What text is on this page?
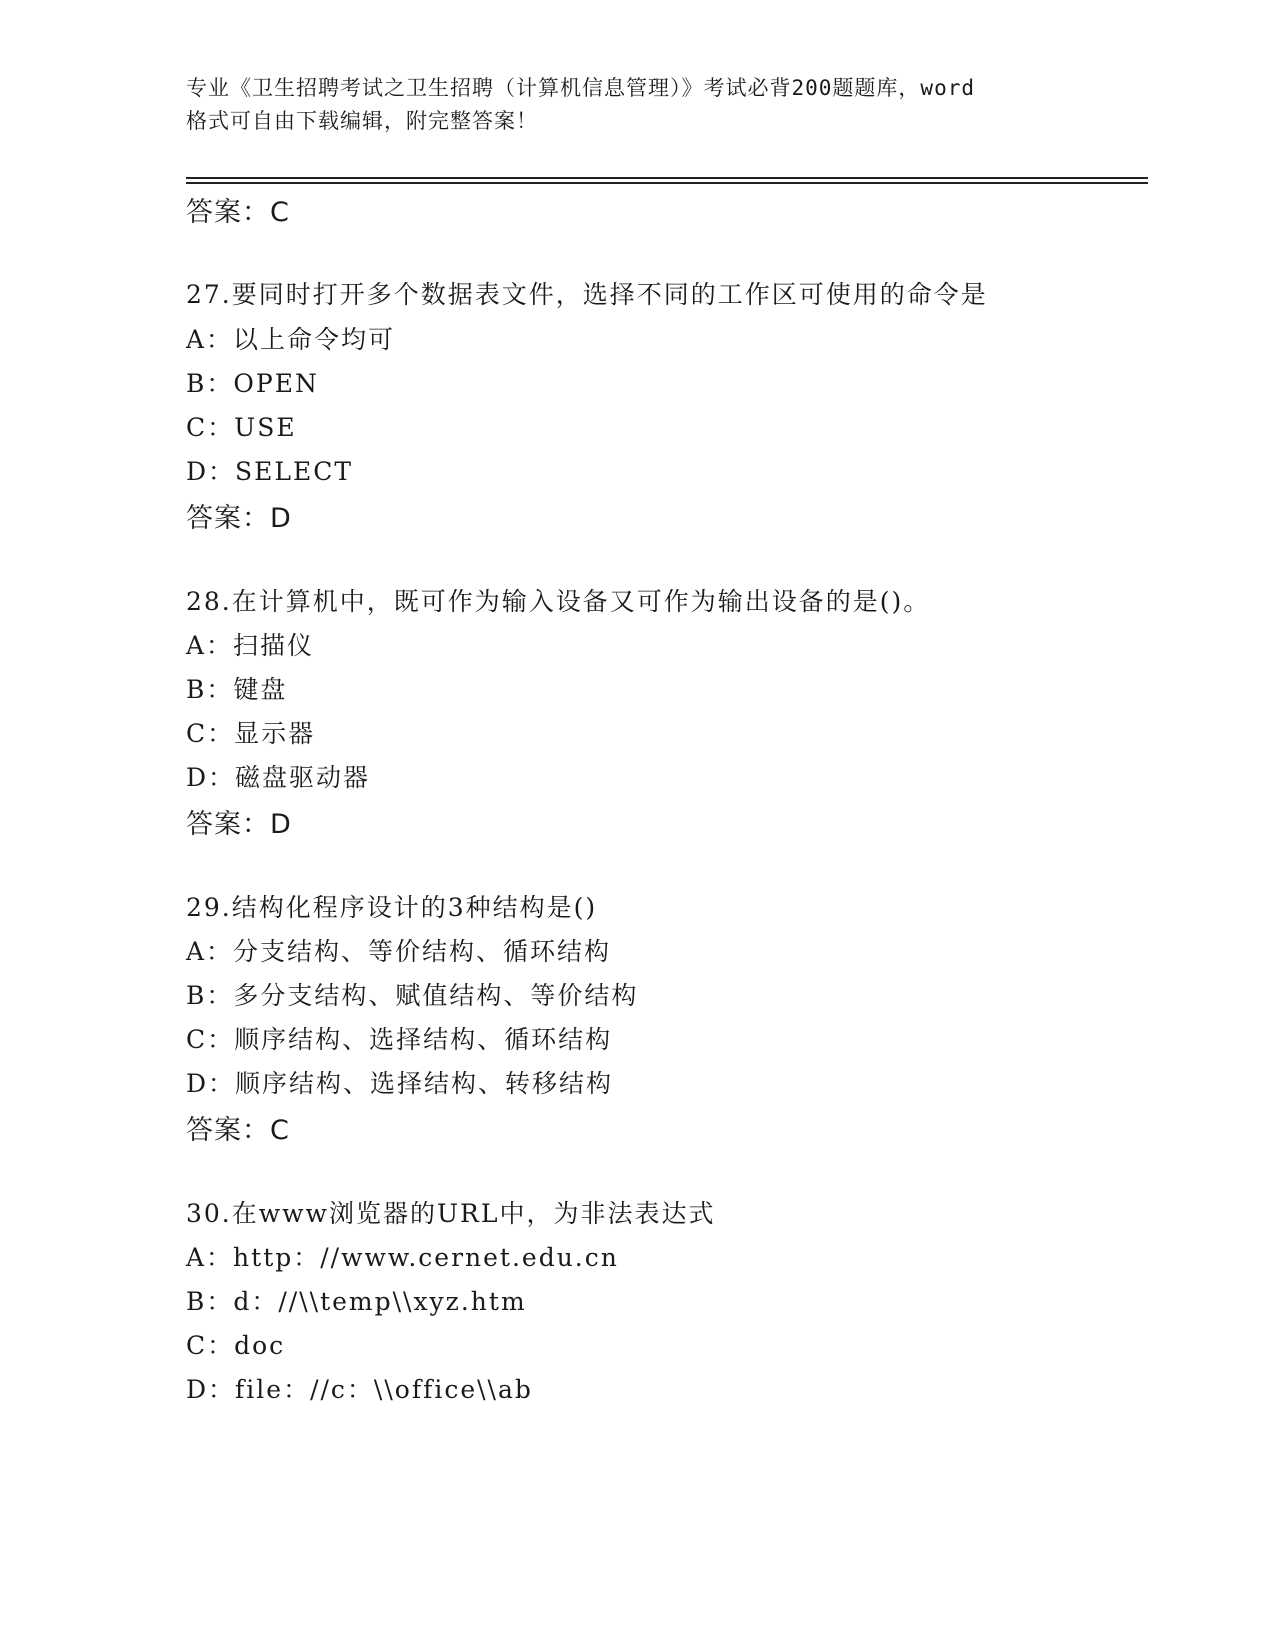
专业《卫生招聘考试之卫生招聘（计算机信息管理）》考试必背200题题库，word
格式可自由下载编辑，附完整答案！
答案：C
27.要同时打开多个数据表文件，选择不同的工作区可使用的命令是
A：以上命令均可
B：OPEN
C：USE
D：SELECT
答案：D
28.在计算机中，既可作为输入设备又可作为输出设备的是()。
A：扫描仪
B：键盘
C：显示器
D：磁盘驱动器
答案：D
29.结构化程序设计的3种结构是()
A：分支结构、等价结构、循环结构
B：多分支结构、赋值结构、等价结构
C：顺序结构、选择结构、循环结构
D：顺序结构、选择结构、转移结构
答案：C
30.在www浏览器的URL中，为非法表达式
A：http：//www.cernet.edu.cn
B：d：//\\temp\\xyz.htm
C：doc
D：file：//c：\\office\\ab
